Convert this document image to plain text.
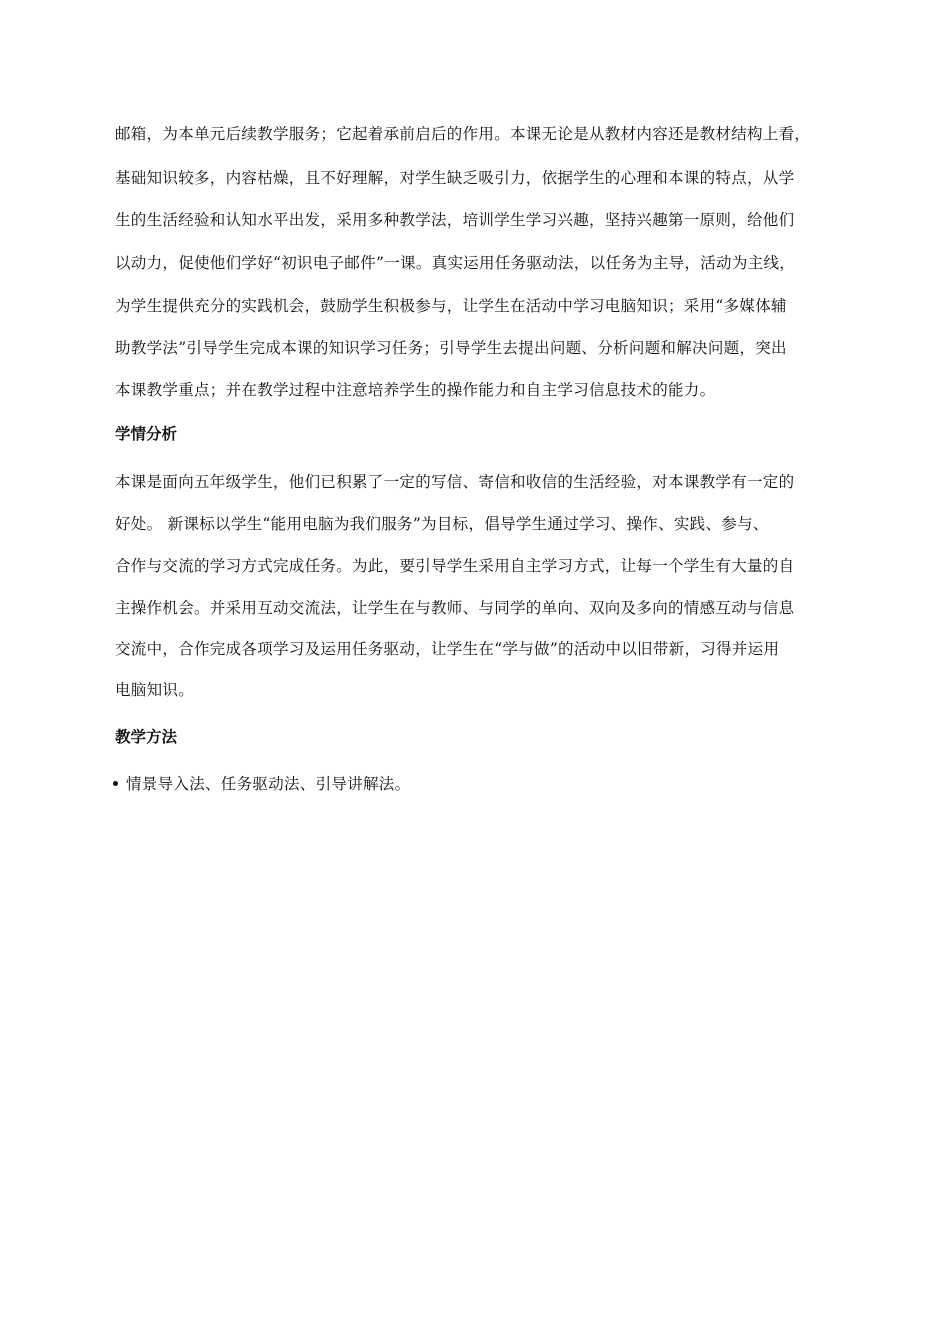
邮箱，为本单元后续教学服务；它起着承前启后的作用。本课无论是从教材内容还是教材结构上看，
基础知识较多，内容枯燥，且不好理解，对学生缺乏吸引力，依据学生的心理和本课的特点，从学
生的生活经验和认知水平出发，采用多种教学法，培训学生学习兴趣，坚持兴趣第一原则，给他们
以动力，促使他们学好“初识电子邮件”一课。真实运用任务驱动法，以任务为主导，活动为主线，
为学生提供充分的实践机会，鼓励学生积极参与，让学生在活动中学习电脑知识；采用“多媒体辅
助教学法”引导学生完成本课的知识学习任务；引导学生去提出问题、分析问题和解决问题，突出
本课教学重点；并在教学过程中注意培养学生的操作能力和自主学习信息技术的能力。
学情分析
本课是面向五年级学生，他们已积累了一定的写信、寄信和收信的生活经验，对本课教学有一定的
好处。 新课标以学生“能用电脑为我们服务”为目标，倡导学生通过学习、操作、实践、参与、
合作与交流的学习方式完成任务。为此，要引导学生采用自主学习方式，让每一个学生有大量的自
主操作机会。并采用互动交流法，让学生在与教师、与同学的单向、双向及多向的情感互动与信息
交流中，合作完成各项学习及运用任务驱动，让学生在“学与做”的活动中以旧带新，习得并运用
电脑知识。
教学方法
情景导入法、任务驱动法、引导讲解法。
